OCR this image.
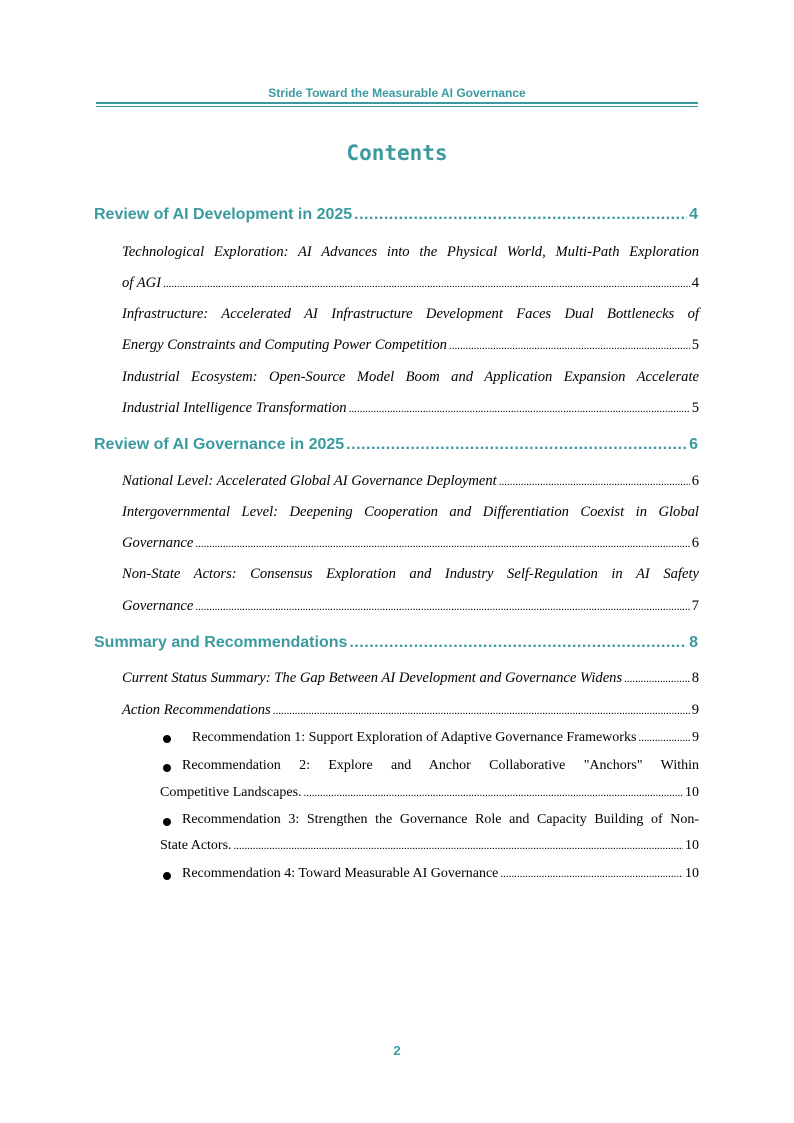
Stride Toward the Measurable AI Governance
Contents
Review of AI Development in 2025 .....	4
Technological Exploration: AI Advances into the Physical World, Multi-Path Exploration
of AGI .....	4
Infrastructure: Accelerated AI Infrastructure Development Faces Dual Bottlenecks of
Energy Constraints and Computing Power Competition .....	5
Industrial Ecosystem: Open-Source Model Boom and Application Expansion Accelerate
Industrial Intelligence Transformation .....	5
Review of AI Governance in 2025 .....	6
National Level: Accelerated Global AI Governance Deployment .....	6
Intergovernmental Level: Deepening Cooperation and Differentiation Coexist in Global
Governance .....	6
Non-State Actors: Consensus Exploration and Industry Self-Regulation in AI Safety
Governance .....	7
Summary and Recommendations .....	8
Current Status Summary: The Gap Between AI Development and Governance Widens .....	8
Action Recommendations .....	9
Recommendation 1: Support Exploration of Adaptive Governance Frameworks .....	9
Recommendation 2: Explore and Anchor Collaborative "Anchors" Within
Competitive Landscapes. .....	10
Recommendation 3: Strengthen the Governance Role and Capacity Building of Non-
State Actors. .....	10
Recommendation 4: Toward Measurable AI Governance .....	10
2
